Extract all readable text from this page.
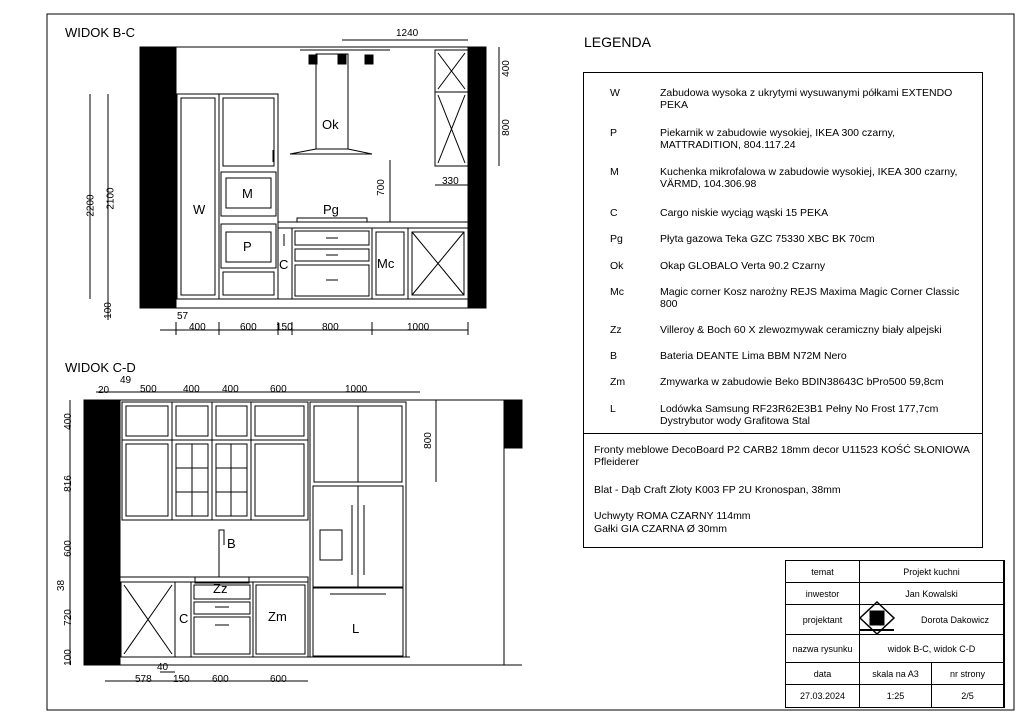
WIDOK B-C
WIDOK C-D
1240
2200 2100
100
400
800
700	330
57
400	600 150	800	1000
W
M
P
Ok
Pg
C	Mc
20
49
500	400 400	600	1000
400
816
600
38
720
100
800
40
578 150 600	600
B
Zz
C	Zm
L
LEGENDA
W	Zabudowa wysoka z ukrytymi wysuwanymi półkami EXTENDO PEKA
P	Piekarnik w zabudowie wysokiej, IKEA 300 czarny, MATTRADITION, 804.117.24
M	Kuchenka mikrofalowa w zabudowie wysokiej, IKEA 300 czarny, VÄRMD, 104.306.98
C	Cargo niskie wyciąg wąski 15 PEKA
Pg	Płyta gazowa Teka GZC 75330 XBC BK 70cm
Ok	Okap GLOBALO Verta 90.2 Czarny
Mc	Magic corner Kosz narożny REJS Maxima Magic Corner Classic 800
Zz	Villeroy & Boch 60 X zlewozmywak ceramiczny biały alpejski
B	Bateria DEANTE Lima BBM N72M Nero
Zm	Zmywarka w zabudowie Beko BDIN38643C bPro500 59,8cm
L	Lodówka Samsung RF23R62E3B1 Pełny No Frost 177,7cm Dystrybutor wody Grafitowa Stal
Fronty meblowe DecoBoard P2 CARB2 18mm decor U11523 KOŚĆ SŁONIOWA Pfleiderer
Blat - Dąb Craft Złoty K003 FP 2U Kronospan, 38mm
Uchwyty ROMA CZARNY 114mm
Gałki GIA CZARNA Ø 30mm
temat	Projekt kuchni
inwestor	Jan Kowalski
projektant	Dorota Dakowicz
nazwa rysunku	widok B-C, widok C-D
data	skala na A3	nr strony
27.03.2024	1:25	2/5
